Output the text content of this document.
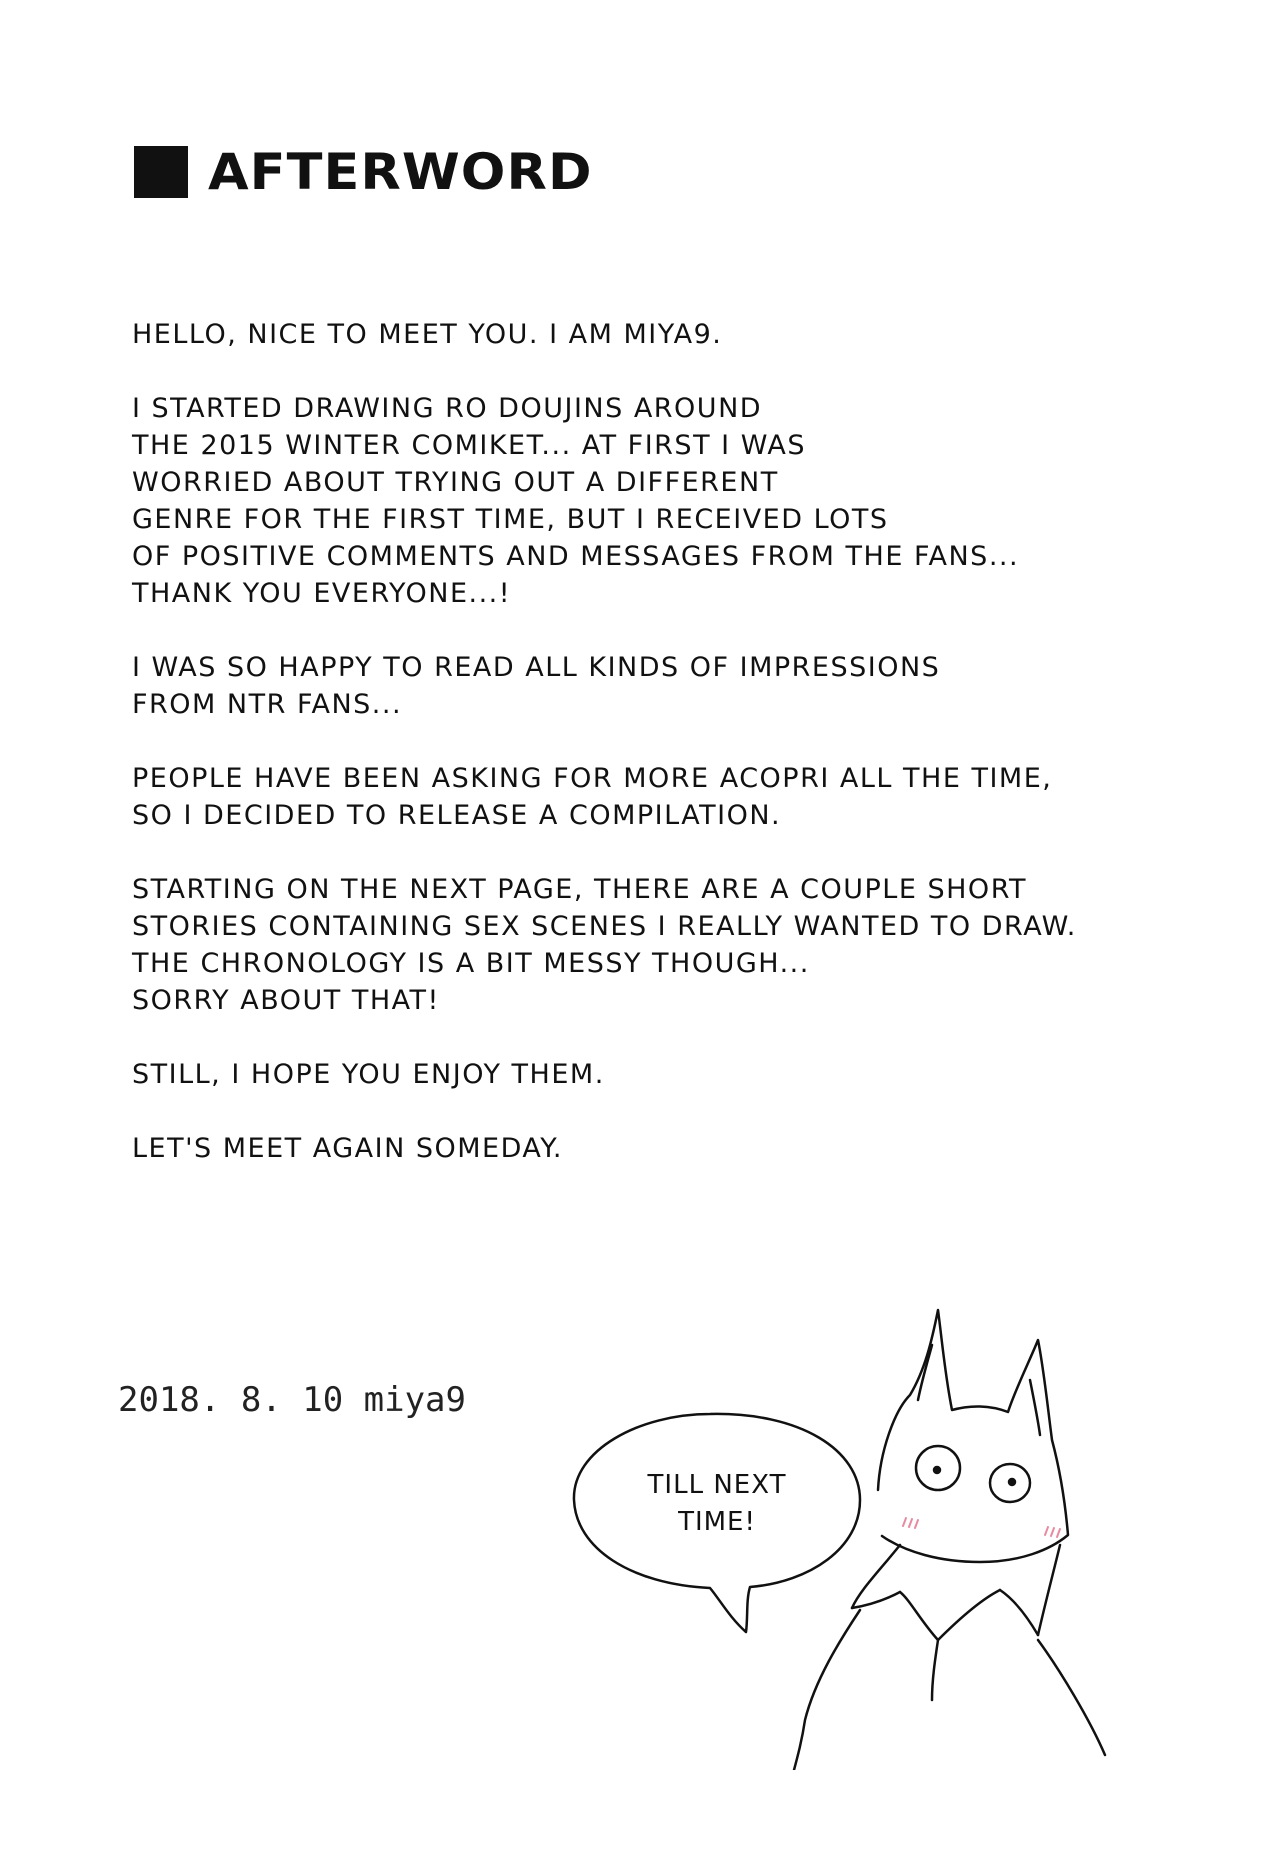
AFTERWORD
HELLO, NICE TO MEET YOU. I AM MIYA9.
I STARTED DRAWING RO DOUJINS AROUND
THE 2015 WINTER COMIKET... AT FIRST I WAS
WORRIED ABOUT TRYING OUT A DIFFERENT
GENRE FOR THE FIRST TIME, BUT I RECEIVED LOTS
OF POSITIVE COMMENTS AND MESSAGES FROM THE FANS...
THANK YOU EVERYONE...!
I WAS SO HAPPY TO READ ALL KINDS OF IMPRESSIONS
FROM NTR FANS...
PEOPLE HAVE BEEN ASKING FOR MORE ACOPRI ALL THE TIME,
SO I DECIDED TO RELEASE A COMPILATION.
STARTING ON THE NEXT PAGE, THERE ARE A COUPLE SHORT
STORIES CONTAINING SEX SCENES I REALLY WANTED TO DRAW.
THE CHRONOLOGY IS A BIT MESSY THOUGH...
SORRY ABOUT THAT!
STILL, I HOPE YOU ENJOY THEM.
LET'S MEET AGAIN SOMEDAY.
2018. 8. 10 miya9
TILL NEXT
TIME!
